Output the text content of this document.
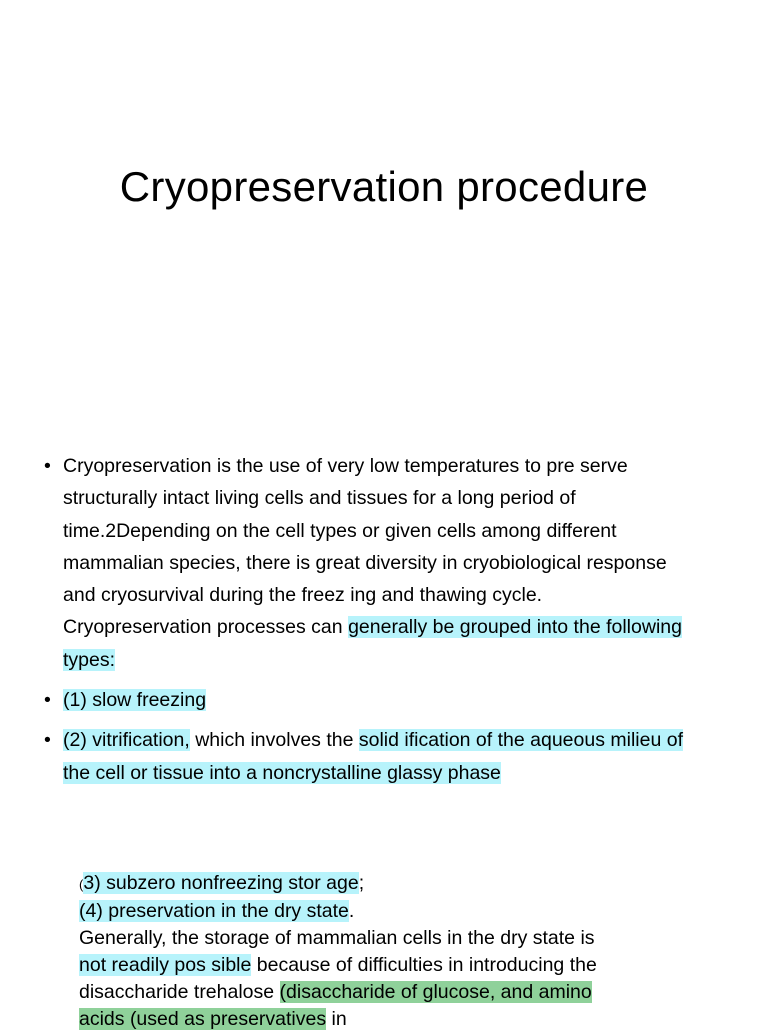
Cryopreservation procedure
• Cryopreservation is the use of very low temperatures to pre serve structurally intact living cells and tissues for a long period of time.2Depending on the cell types or given cells among different mammalian species, there is great diversity in cryobiological response and cryosurvival during the freez ing and thawing cycle. Cryopreservation processes can generally be grouped into the following types:
• (1) slow freezing
• (2) vitrification, which involves the solid ification of the aqueous milieu of the cell or tissue into a noncrystalline glassy phase
(3) subzero nonfreezing stor age;
(4) preservation in the dry state.
Generally, the storage of mammalian cells in the dry state is not readily pos sible because of difficulties in introducing the disaccharide trehalose (disaccharide of glucose, and amino acids (used as preservatives in
